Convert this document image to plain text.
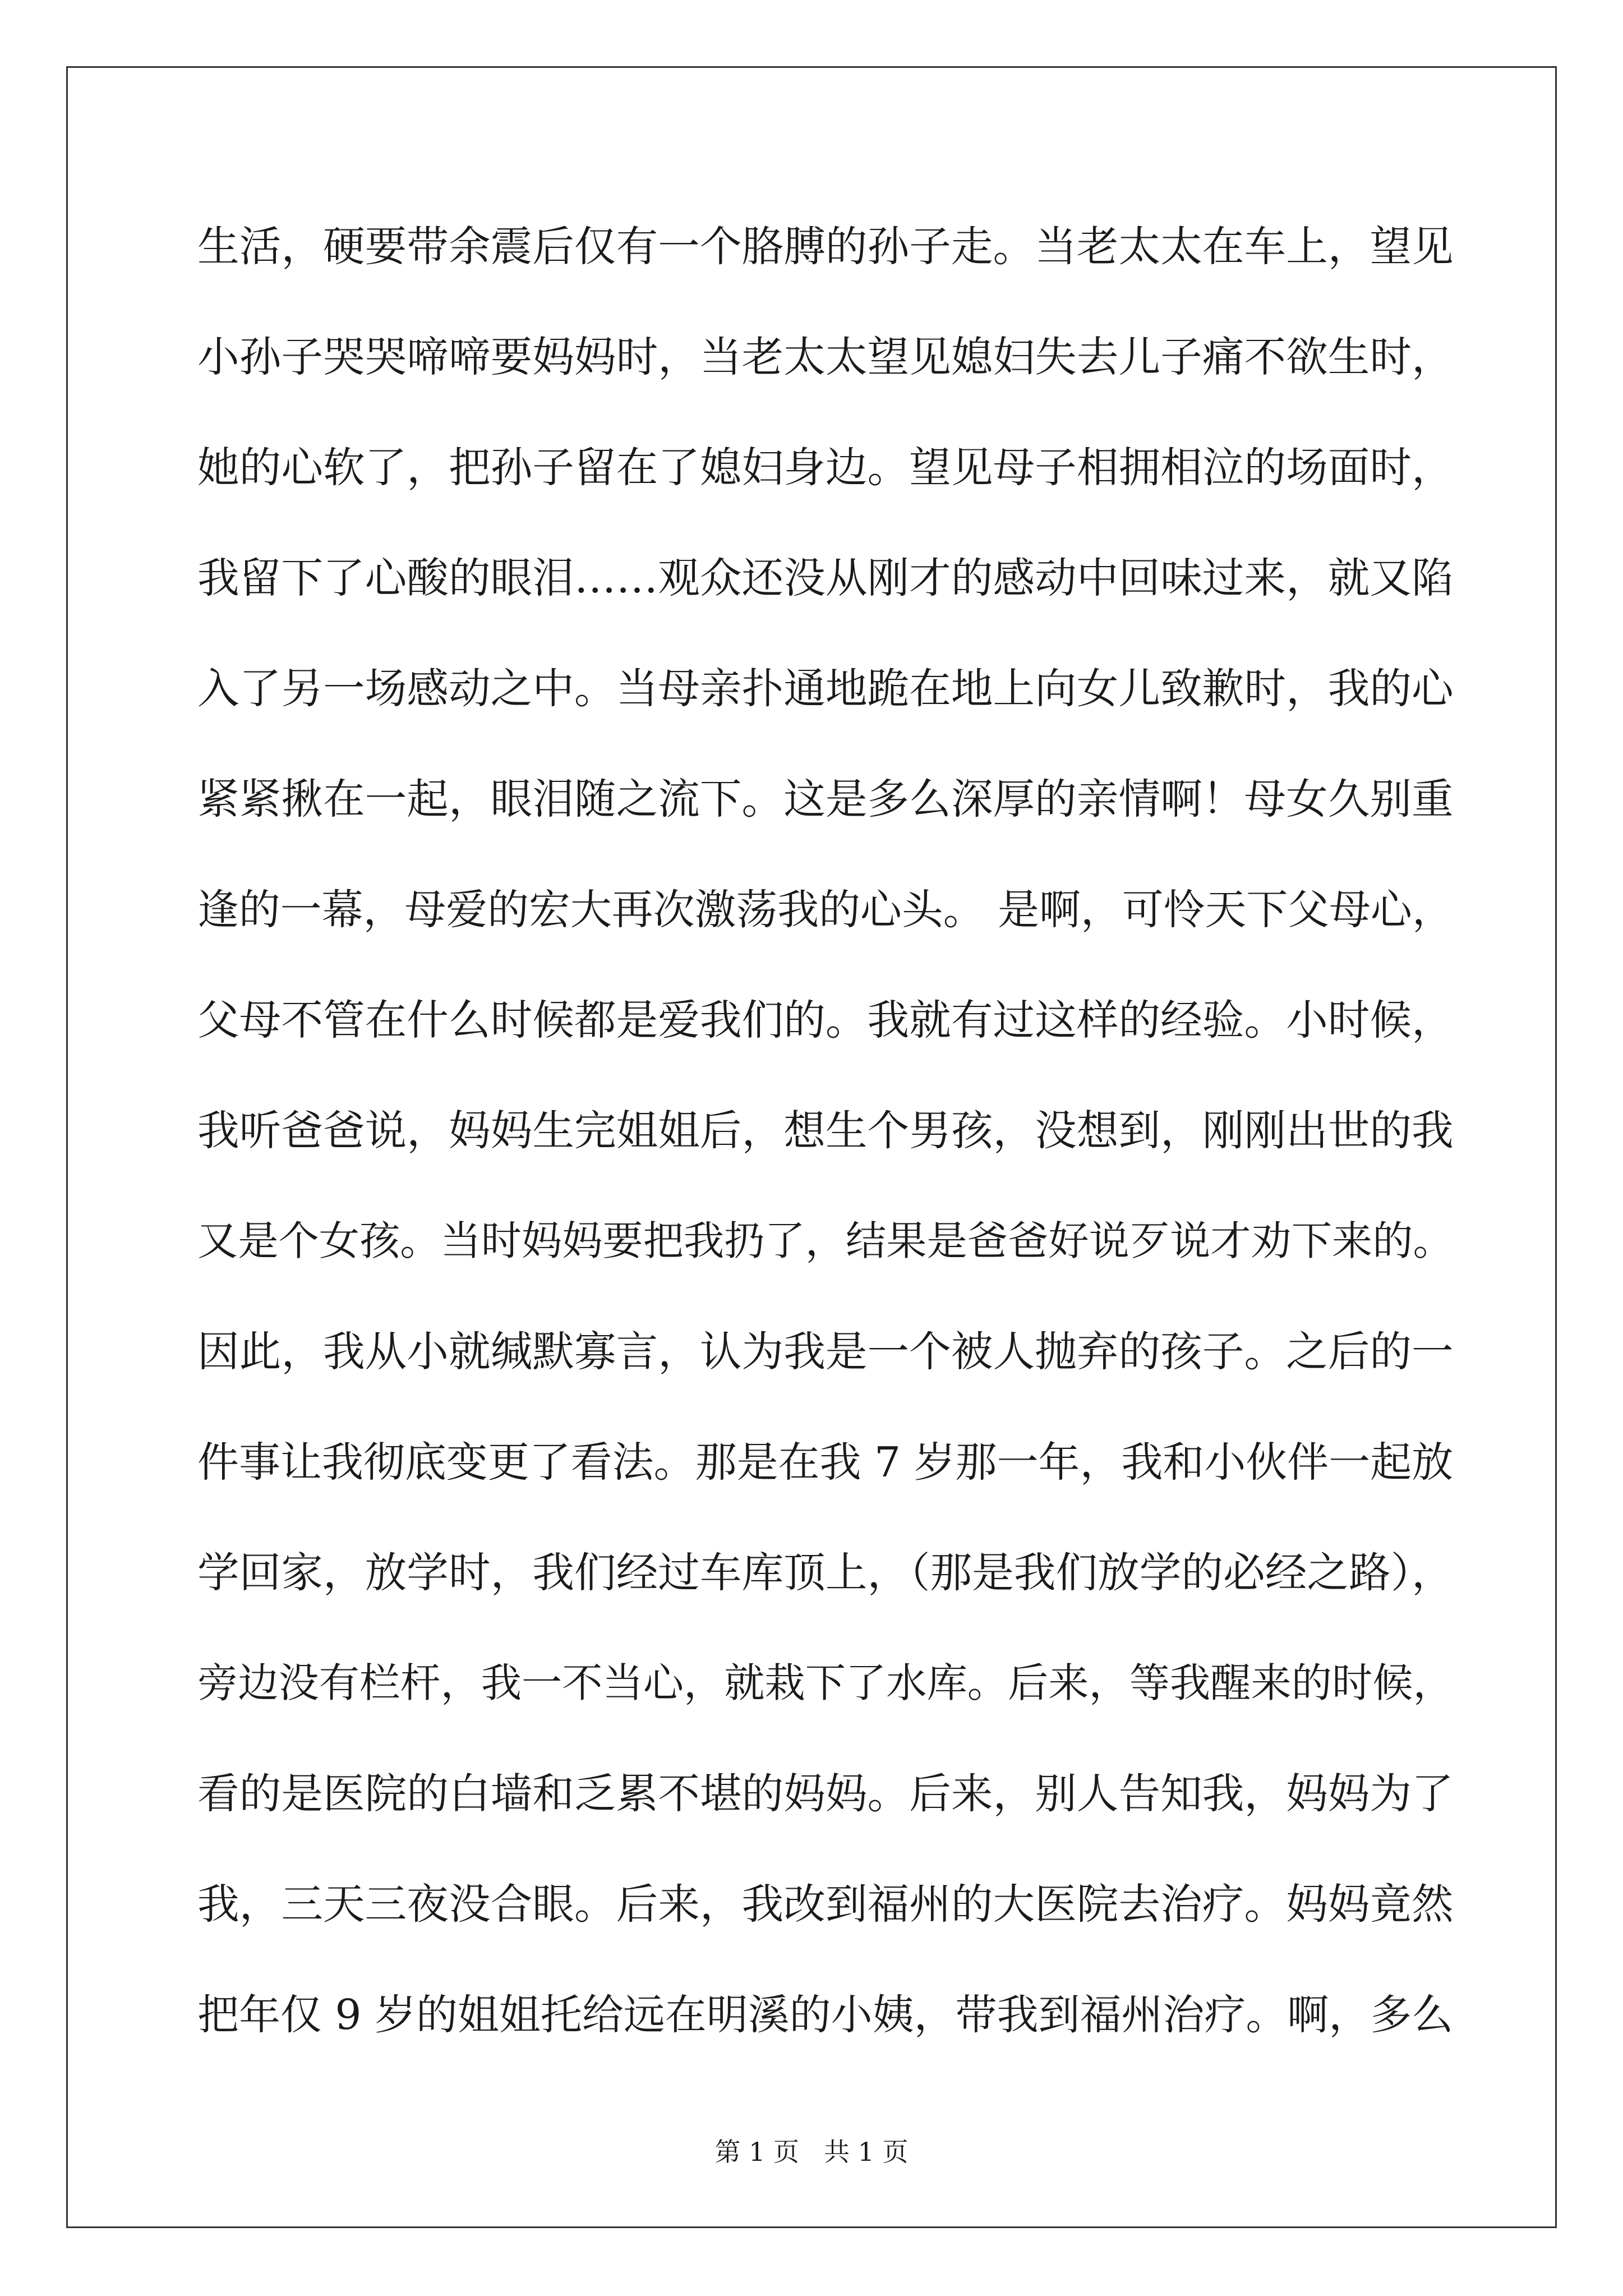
生活，硬要带余震后仅有一个胳膊的孙子走。当老太太在车上，望见
小孙子哭哭啼啼要妈妈时，当老太太望见媳妇失去儿子痛不欲生时，
她的心软了，把孙子留在了媳妇身边。望见母子相拥相泣的场面时，
我留下了心酸的眼泪……观众还没从刚才的感动中回味过来，就又陷
入了另一场感动之中。当母亲扑通地跪在地上向女儿致歉时，我的心
紧紧揪在一起，眼泪随之流下。这是多么深厚的亲情啊！母女久别重
逢的一幕，母爱的宏大再次激荡我的心头。 是啊，可怜天下父母心，
父母不管在什么时候都是爱我们的。我就有过这样的经验。小时候，
我听爸爸说，妈妈生完姐姐后，想生个男孩，没想到，刚刚出世的我
又是个女孩。当时妈妈要把我扔了，结果是爸爸好说歹说才劝下来的。
因此，我从小就缄默寡言，认为我是一个被人抛弃的孩子。之后的一
件事让我彻底变更了看法。那是在我 7 岁那一年，我和小伙伴一起放
学回家，放学时，我们经过车库顶上，（那是我们放学的必经之路），
旁边没有栏杆，我一不当心，就栽下了水库。后来，等我醒来的时候，
看的是医院的白墙和乏累不堪的妈妈。后来，别人告知我，妈妈为了
我，三天三夜没合眼。后来，我改到福州的大医院去治疗。妈妈竟然
把年仅 9 岁的姐姐托给远在明溪的小姨，带我到福州治疗。啊，多么
第 1 页 共 1 页
